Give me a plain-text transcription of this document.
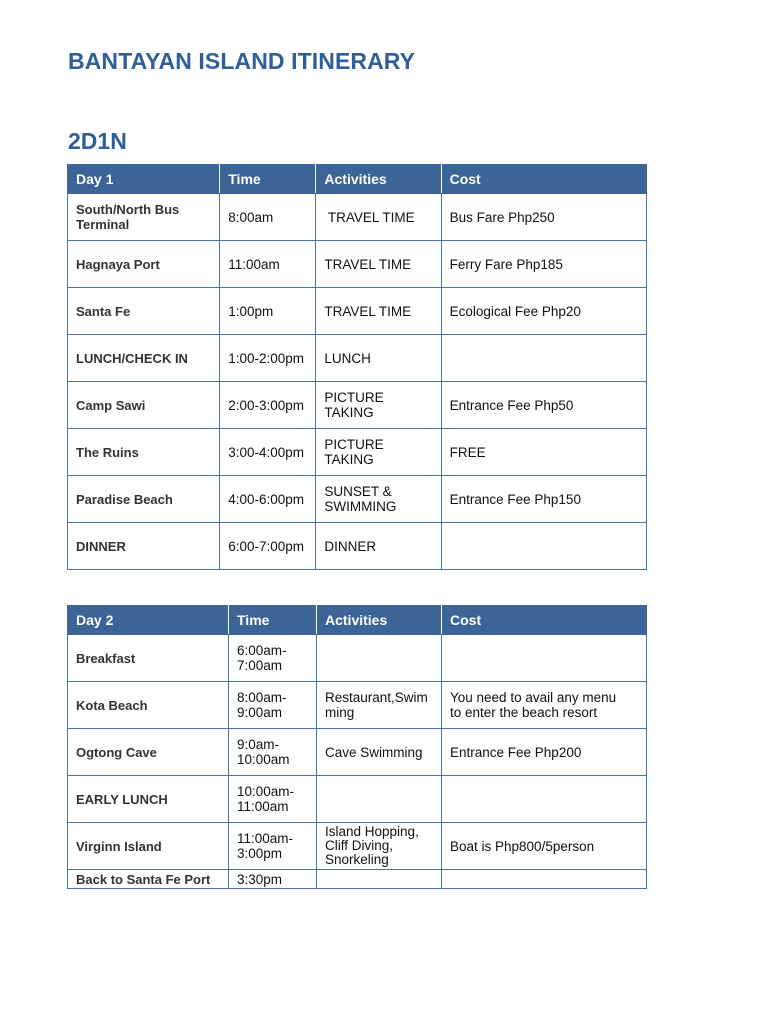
BANTAYAN ISLAND ITINERARY
2D1N
Day 1	Time	Activities	Cost
South/North Bus Terminal	8:00am	TRAVEL TIME	Bus Fare Php250
Hagnaya Port	11:00am	TRAVEL TIME	Ferry Fare Php185
Santa Fe	1:00pm	TRAVEL TIME	Ecological Fee Php20
LUNCH/CHECK IN	1:00-2:00pm	LUNCH	
Camp Sawi	2:00-3:00pm	PICTURE TAKING	Entrance Fee Php50
The Ruins	3:00-4:00pm	PICTURE TAKING	FREE
Paradise Beach	4:00-6:00pm	SUNSET & SWIMMING	Entrance Fee Php150
DINNER	6:00-7:00pm	DINNER	
Day 2	Time	Activities	Cost
Breakfast	6:00am-7:00am		
Kota Beach	8:00am-9:00am	Restaurant,Swimming	You need to avail any menu to enter the beach resort
Ogtong Cave	9:0am-10:00am	Cave Swimming	Entrance Fee Php200
EARLY LUNCH	10:00am-11:00am		
Virginn Island	11:00am-3:00pm	Island Hopping, Cliff Diving, Snorkeling	Boat is Php800/5person
Back to Santa Fe Port	3:30pm		
